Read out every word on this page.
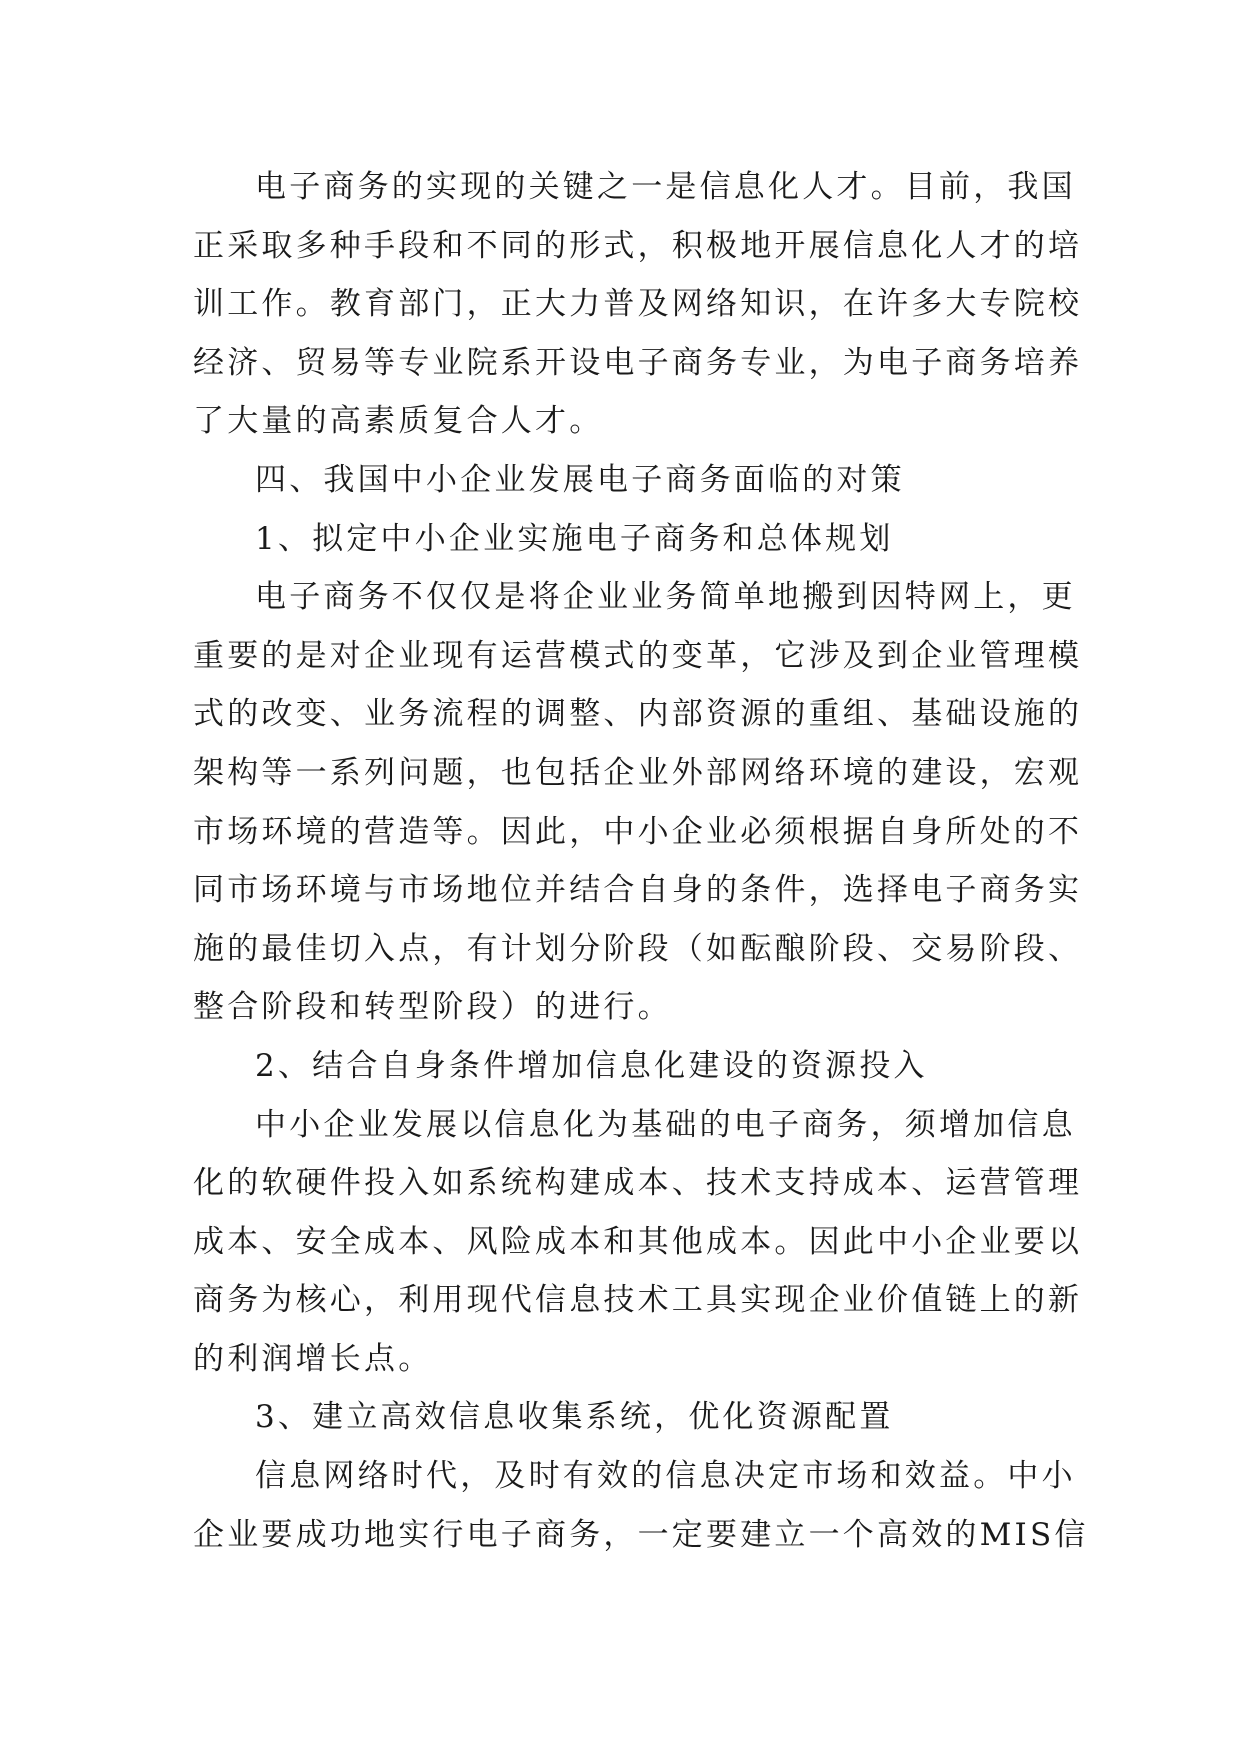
电子商务的实现的关键之一是信息化人才。目前，我国
正采取多种手段和不同的形式，积极地开展信息化人才的培
训工作。教育部门，正大力普及网络知识，在许多大专院校
经济、贸易等专业院系开设电子商务专业，为电子商务培养
了大量的高素质复合人才。
四、我国中小企业发展电子商务面临的对策
1、拟定中小企业实施电子商务和总体规划
电子商务不仅仅是将企业业务简单地搬到因特网上，更
重要的是对企业现有运营模式的变革，它涉及到企业管理模
式的改变、业务流程的调整、内部资源的重组、基础设施的
架构等一系列问题，也包括企业外部网络环境的建设，宏观
市场环境的营造等。因此，中小企业必须根据自身所处的不
同市场环境与市场地位并结合自身的条件，选择电子商务实
施的最佳切入点，有计划分阶段（如酝酿阶段、交易阶段、
整合阶段和转型阶段）的进行。
2、结合自身条件增加信息化建设的资源投入
中小企业发展以信息化为基础的电子商务，须增加信息
化的软硬件投入如系统构建成本、技术支持成本、运营管理
成本、安全成本、风险成本和其他成本。因此中小企业要以
商务为核心，利用现代信息技术工具实现企业价值链上的新
的利润增长点。
3、建立高效信息收集系统，优化资源配置
信息网络时代，及时有效的信息决定市场和效益。中小
企业要成功地实行电子商务，一定要建立一个高效的MIS信
